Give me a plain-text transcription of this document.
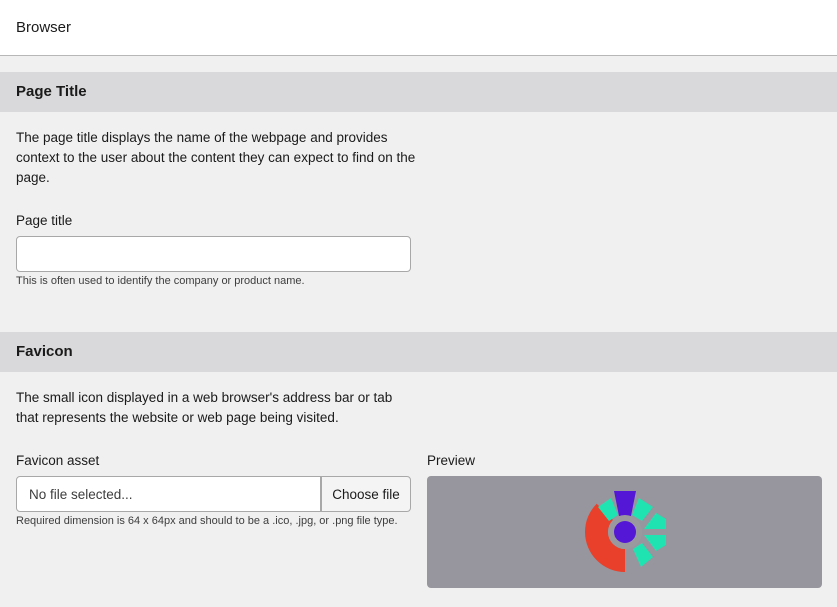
Browser
Page Title

The page title displays the name of the webpage and provides context to the user about the content they can expect to find on the page.

Page title
This is often used to identify the company or product name.
Favicon

The small icon displayed in a web browser's address bar or tab that represents the website or web page being visited.

Favicon asset	Preview
No file selected...	Choose file
Required dimension is 64 x 64px and should to be a .ico, .jpg, or .png file type.
